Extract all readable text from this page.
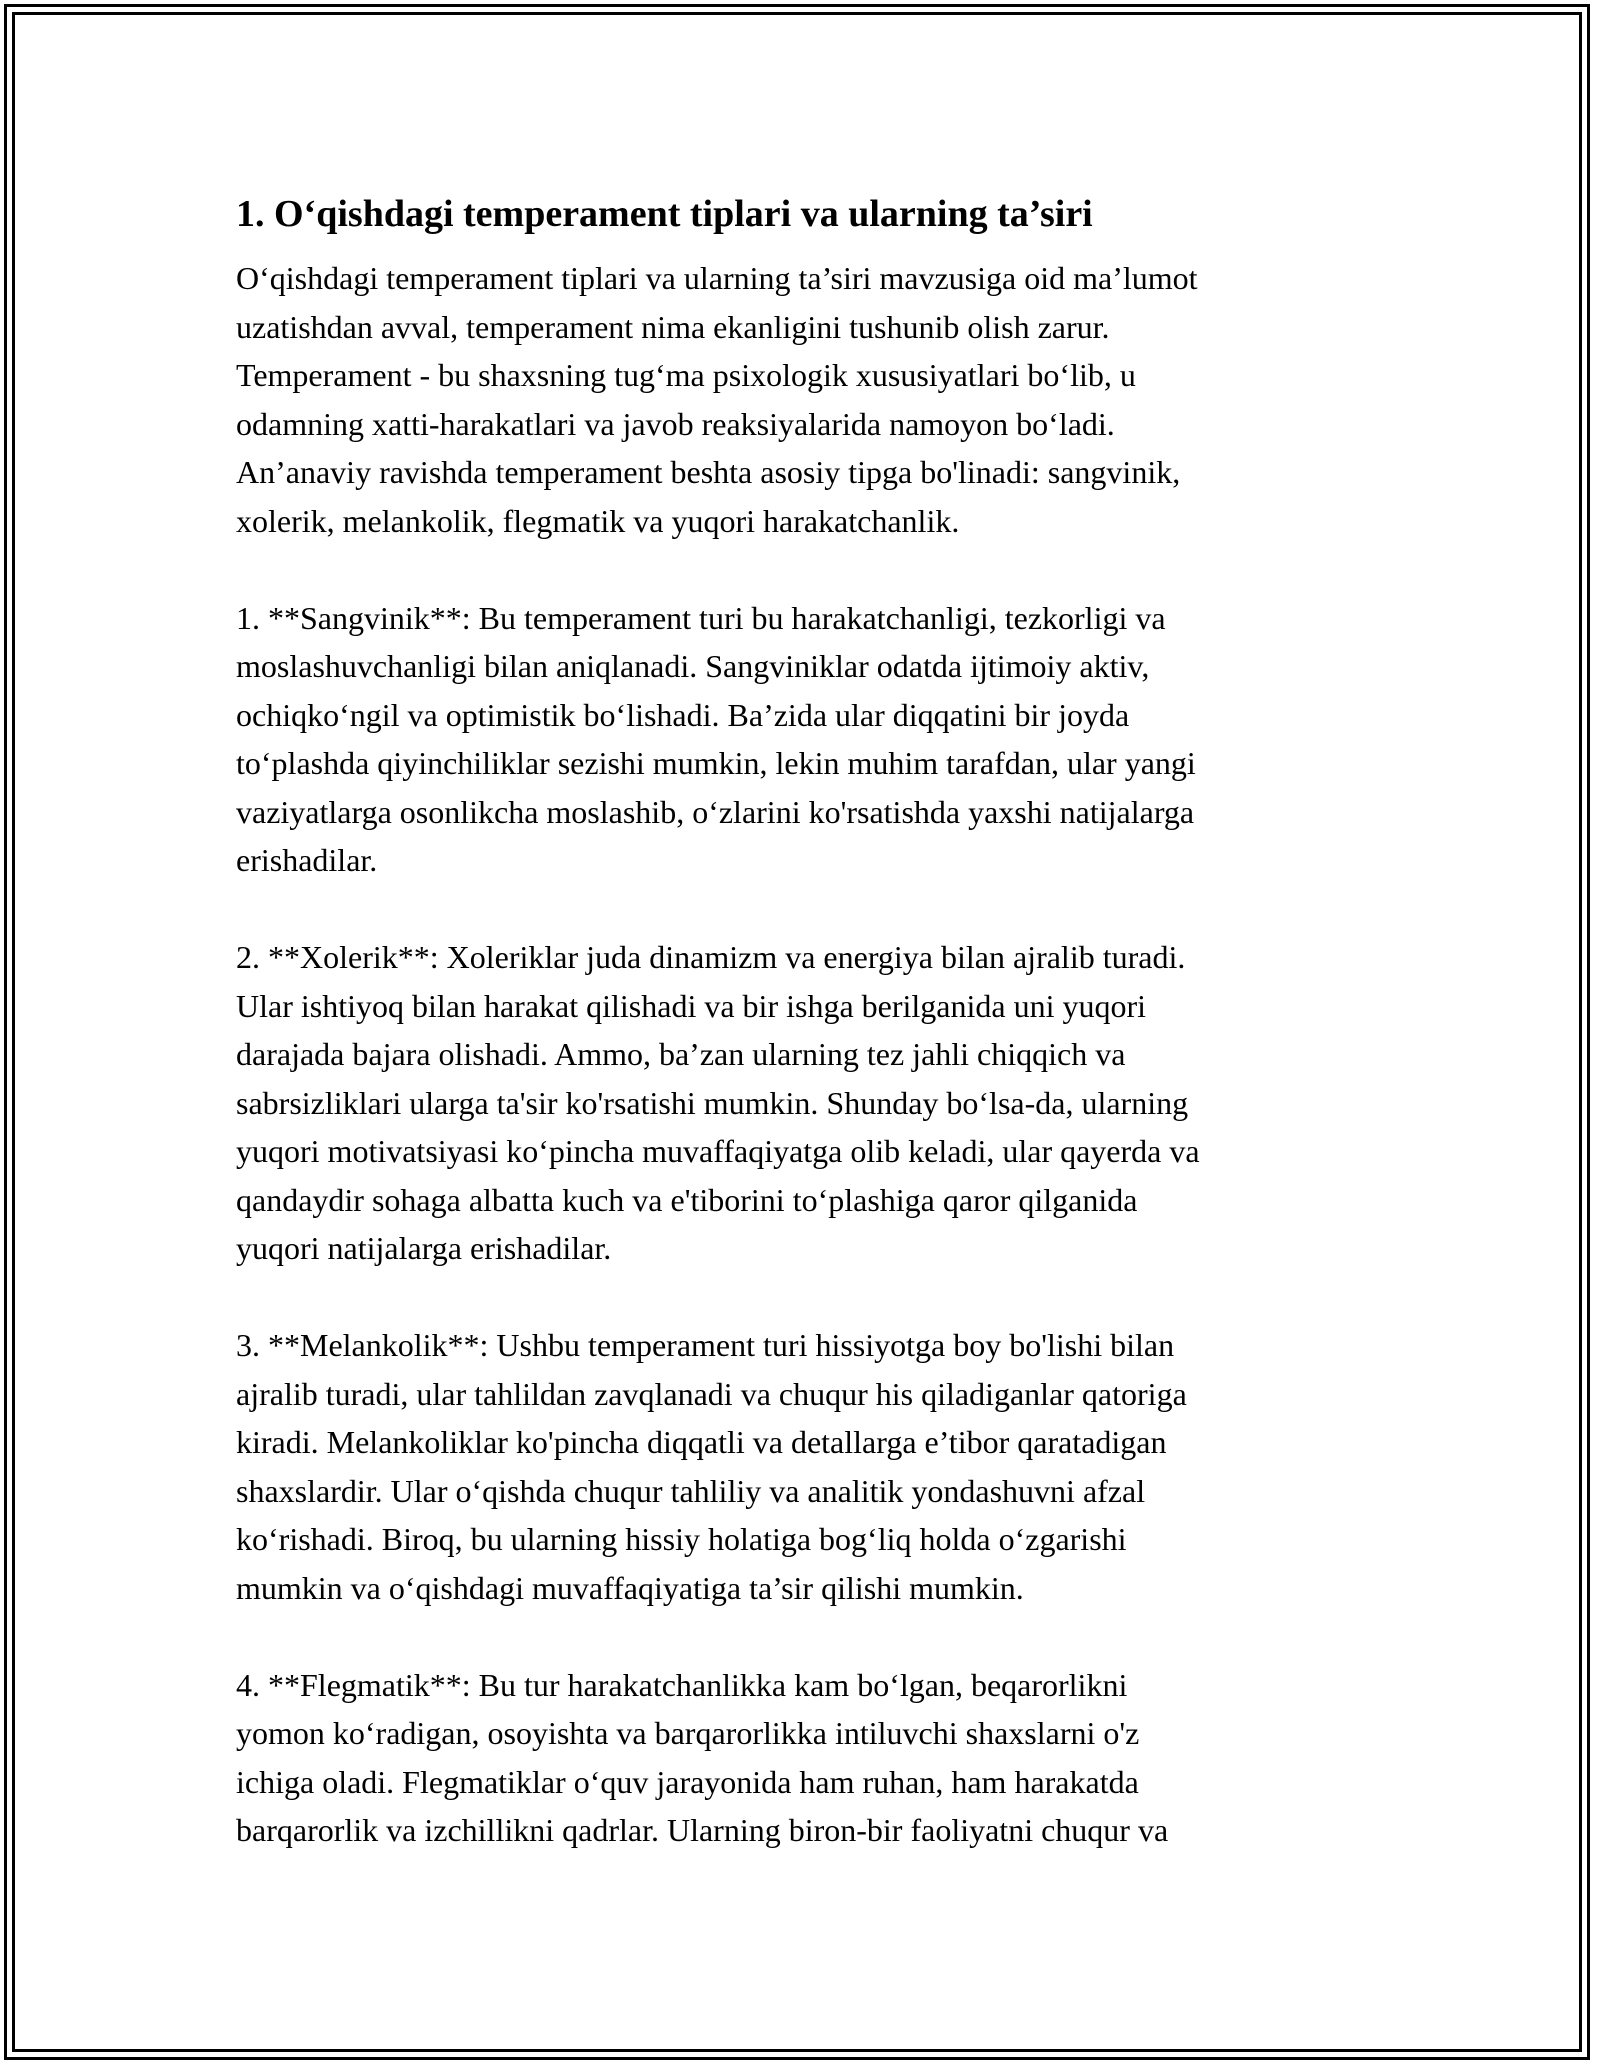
1. O‘qishdagi temperament tiplari va ularning ta’siri

O‘qishdagi temperament tiplari va ularning ta’siri mavzusiga oid ma’lumot
uzatishdan avval, temperament nima ekanligini tushunib olish zarur.
Temperament - bu shaxsning tug‘ma psixologik xususiyatlari bo‘lib, u
odamning xatti-harakatlari va javob reaksiyalarida namoyon bo‘ladi.
An’anaviy ravishda temperament beshta asosiy tipga bo'linadi: sangvinik,
xolerik, melankolik, flegmatik va yuqori harakatchanlik.

1. **Sangvinik**: Bu temperament turi bu harakatchanligi, tezkorligi va
moslashuvchanligi bilan aniqlanadi. Sangviniklar odatda ijtimoiy aktiv,
ochiqko‘ngil va optimistik bo‘lishadi. Ba’zida ular diqqatini bir joyda
to‘plashda qiyinchiliklar sezishi mumkin, lekin muhim tarafdan, ular yangi
vaziyatlarga osonlikcha moslashib, o‘zlarini ko'rsatishda yaxshi natijalarga
erishadilar.

2. **Xolerik**: Xoleriklar juda dinamizm va energiya bilan ajralib turadi.
Ular ishtiyoq bilan harakat qilishadi va bir ishga berilganida uni yuqori
darajada bajara olishadi. Ammo, ba’zan ularning tez jahli chiqqich va
sabrsizliklari ularga ta'sir ko'rsatishi mumkin. Shunday bo‘lsa-da, ularning
yuqori motivatsiyasi ko‘pincha muvaffaqiyatga olib keladi, ular qayerda va
qandaydir sohaga albatta kuch va e'tiborini to‘plashiga qaror qilganida
yuqori natijalarga erishadilar.

3. **Melankolik**: Ushbu temperament turi hissiyotga boy bo'lishi bilan
ajralib turadi, ular tahlildan zavqlanadi va chuqur his qiladiganlar qatoriga
kiradi. Melankoliklar ko'pincha diqqatli va detallarga e’tibor qaratadigan
shaxslardir. Ular o‘qishda chuqur tahliliy va analitik yondashuvni afzal
ko‘rishadi. Biroq, bu ularning hissiy holatiga bog‘liq holda o‘zgarishi
mumkin va o‘qishdagi muvaffaqiyatiga ta’sir qilishi mumkin.

4. **Flegmatik**: Bu tur harakatchanlikka kam bo‘lgan, beqarorlikni
yomon ko‘radigan, osoyishta va barqarorlikka intiluvchi shaxslarni o'z
ichiga oladi. Flegmatiklar o‘quv jarayonida ham ruhan, ham harakatda
barqarorlik va izchillikni qadrlar. Ularning biron-bir faoliyatni chuqur va
